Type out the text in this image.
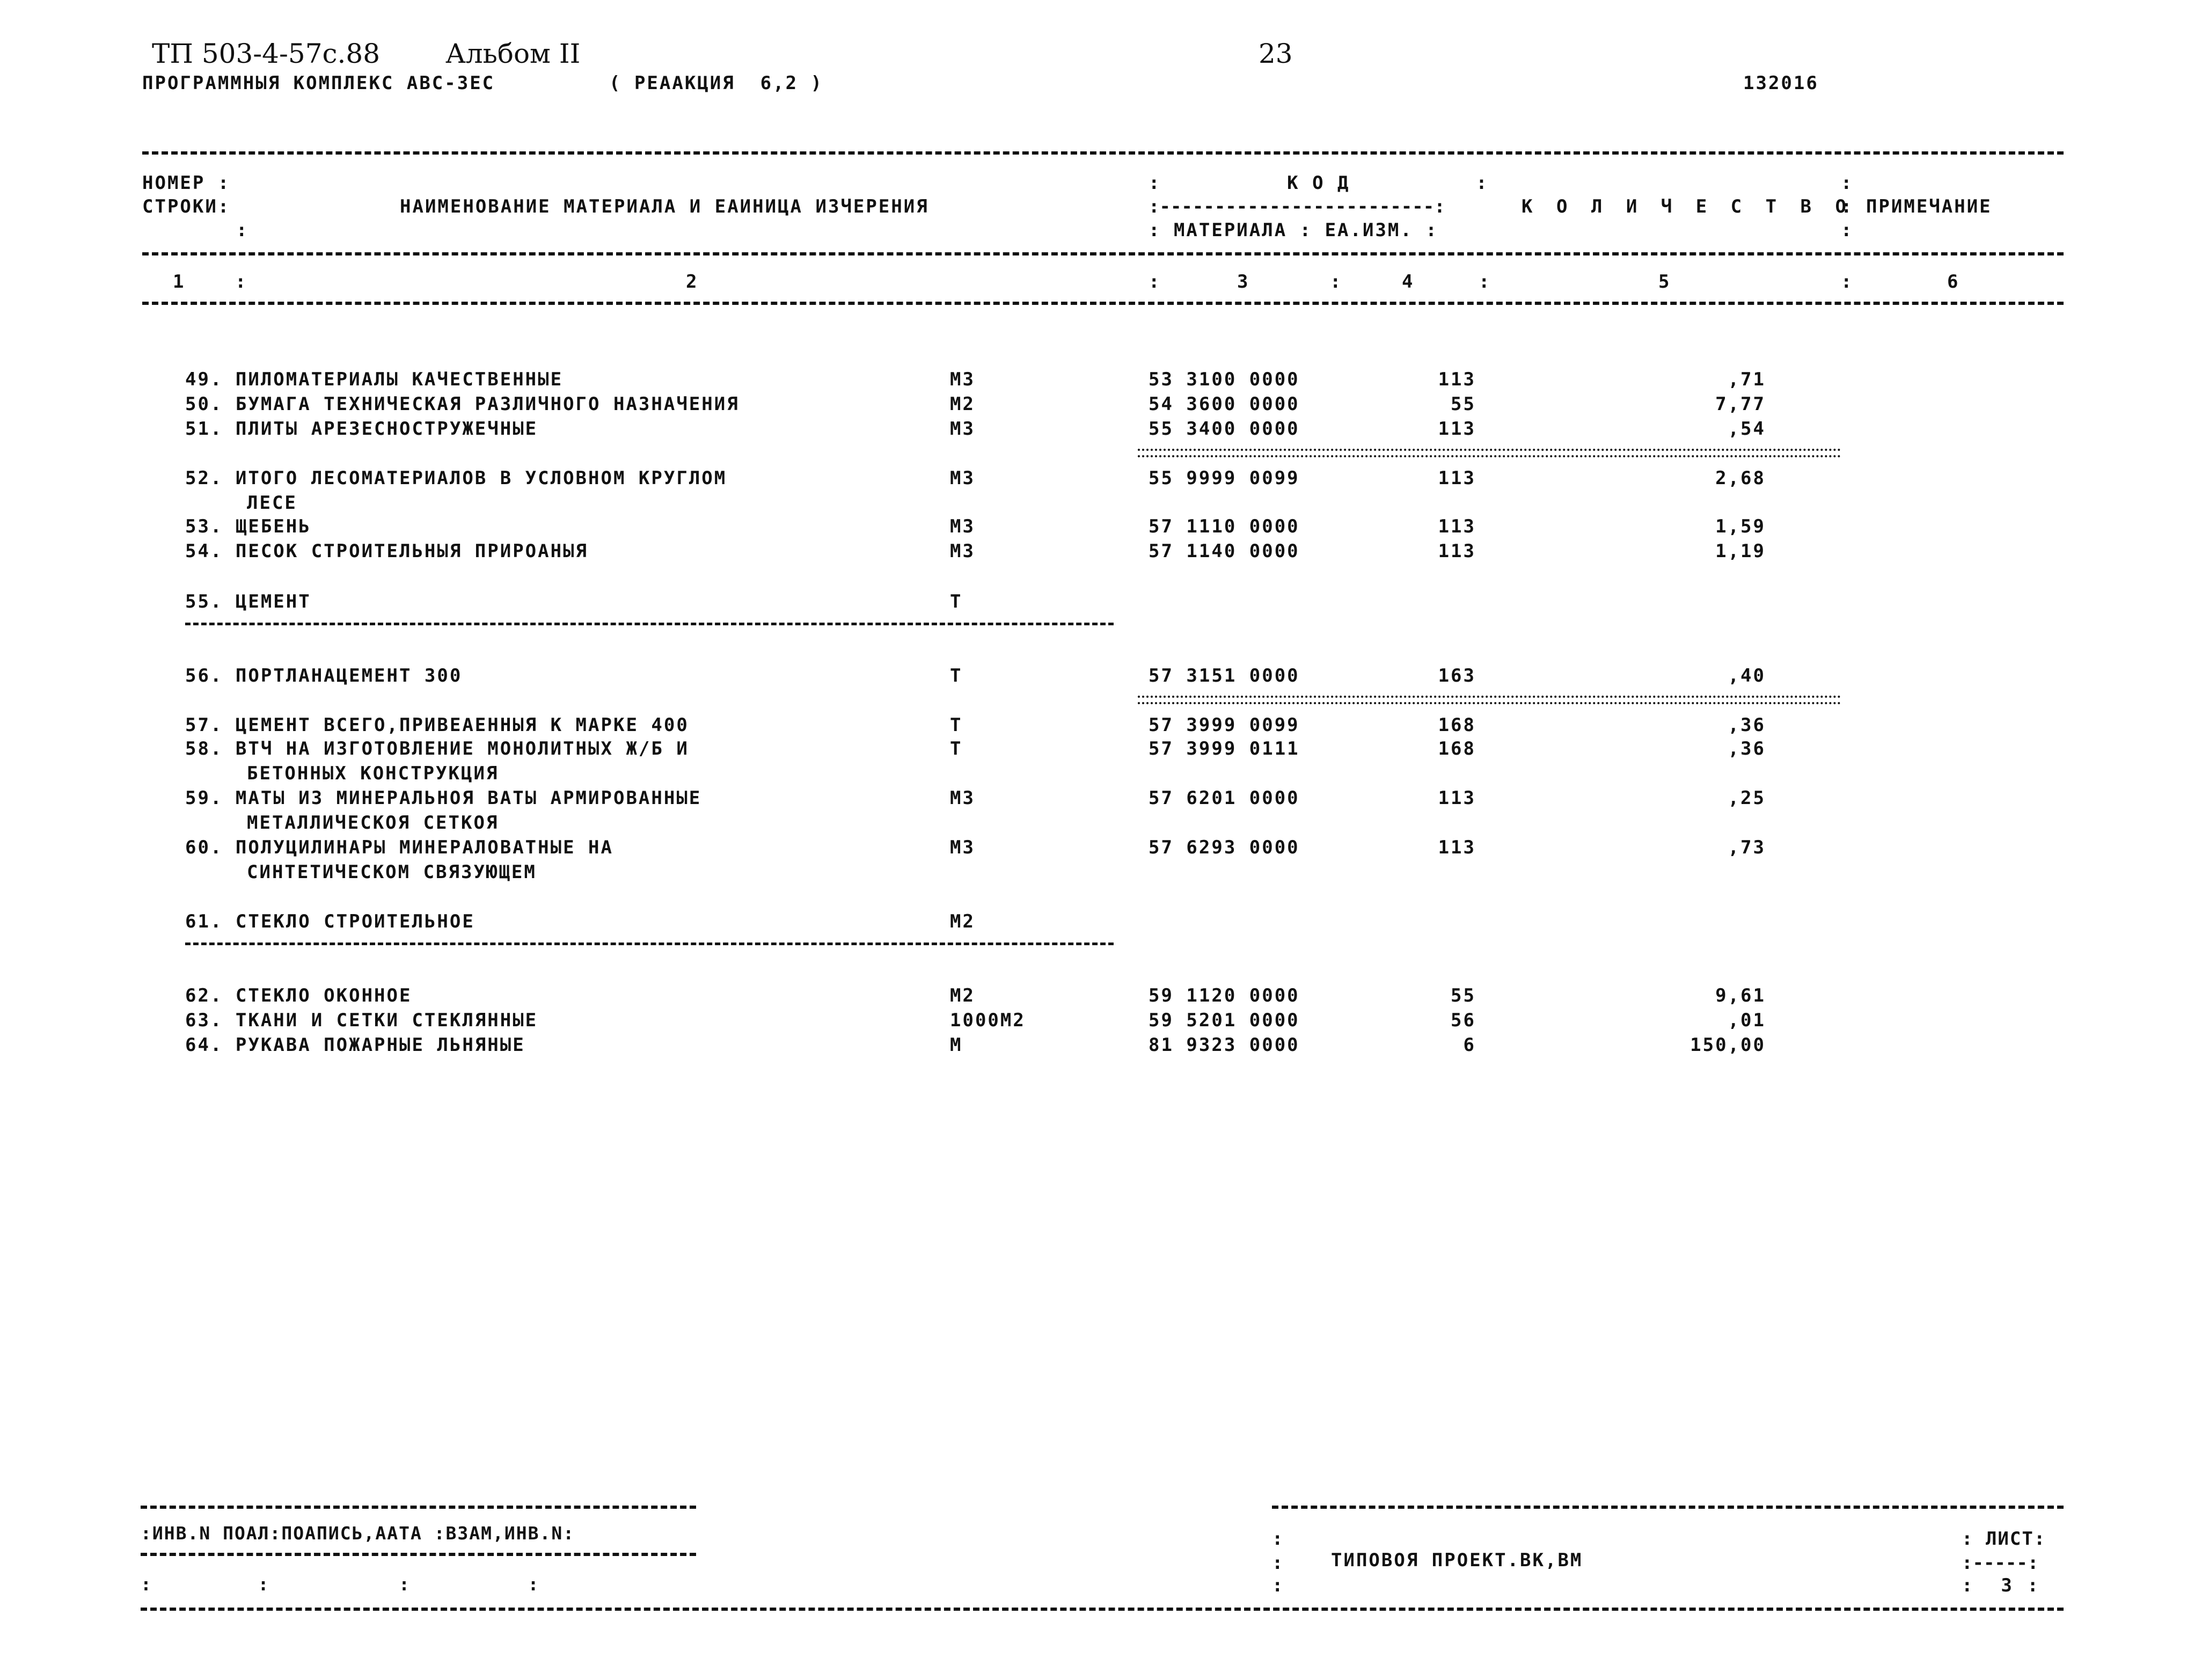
ТП 503-4-57с.88 Альбом II	23
ПРОГРАММНЫЯ КОМПЛЕКС АВС-ЗЕС	( РЕААКЦИЯ  6,2 )	132016
НОМЕР :
СТРОКИ:
:
НАИМЕНОВАНИЕ МАТЕРИАЛА И ЕАИНИЦА ИЗЧЕРЕНИЯ
:          К О Д          :
:-------------------------:
: МАТЕРИАЛА : ЕА.ИЗМ. :
К О Л И Ч Е С Т В О
:
: ПРИМЕЧАНИЕ
:
1	:	2	:	3	:	4	:	5	:	6
49. ПИЛОМАТЕРИАЛЫ КАЧЕСТВЕННЫЕ	М3	53 3100 0000	113	,71
50. БУМАГА ТЕХНИЧЕСКАЯ РАЗЛИЧНОГО НАЗНАЧЕНИЯ	М2	54 3600 0000	55	7,77
51. ПЛИТЫ АРЕЗЕСНОСТРУЖЕЧНЫЕ	М3	55 3400 0000	113	,54
52. ИТОГО ЛЕСОМАТЕРИАЛОВ В УСЛОВНОМ КРУГЛОМ
ЛЕСЕ
М3	55 9999 0099	113	2,68
53. ЩЕБЕНЬ	М3	57 1110 0000	113	1,59
54. ПЕСОК СТРОИТЕЛЬНЫЯ ПРИРОАНЫЯ	М3	57 1140 0000	113	1,19
55. ЦЕМЕНТ	Т
56. ПОРТЛАНАЦЕМЕНТ 300	Т	57 3151 0000	163	,40
57. ЦЕМЕНТ ВСЕГО,ПРИВЕАЕННЫЯ К МАРКЕ 400	Т	57 3999 0099	168	,36
58. ВТЧ НА ИЗГОТОВЛЕНИЕ МОНОЛИТНЫХ Ж/Б И
БЕТОННЫХ КОНСТРУКЦИЯ
Т	57 3999 0111	168	,36
59. МАТЫ ИЗ МИНЕРАЛЬНОЯ ВАТЫ АРМИРОВАННЫЕ
МЕТАЛЛИЧЕСКОЯ СЕТКОЯ
М3	57 6201 0000	113	,25
60. ПОЛУЦИЛИНАРЫ МИНЕРАЛОВАТНЫЕ НА
СИНТЕТИЧЕСКОМ СВЯЗУЮЩЕМ
М3	57 6293 0000	113	,73
61. СТЕКЛО СТРОИТЕЛЬНОЕ	М2
62. СТЕКЛО ОКОННОЕ	М2	59 1120 0000	55	9,61
63. ТКАНИ И СЕТКИ СТЕКЛЯННЫЕ	1000М2	59 5201 0000	56	,01
64. РУКАВА ПОЖАРНЫЕ ЛЬНЯНЫЕ	М	81 9323 0000	6	150,00
:ИНВ.N ПОАЛ:ПОАПИСЬ,ААТА :ВЗАМ,ИНВ.N:
:         :           :          :
:
:
:
ТИПОВОЯ ПРОЕКТ.ВК,ВМ
: ЛИСТ:
:-----:
:  3 :
